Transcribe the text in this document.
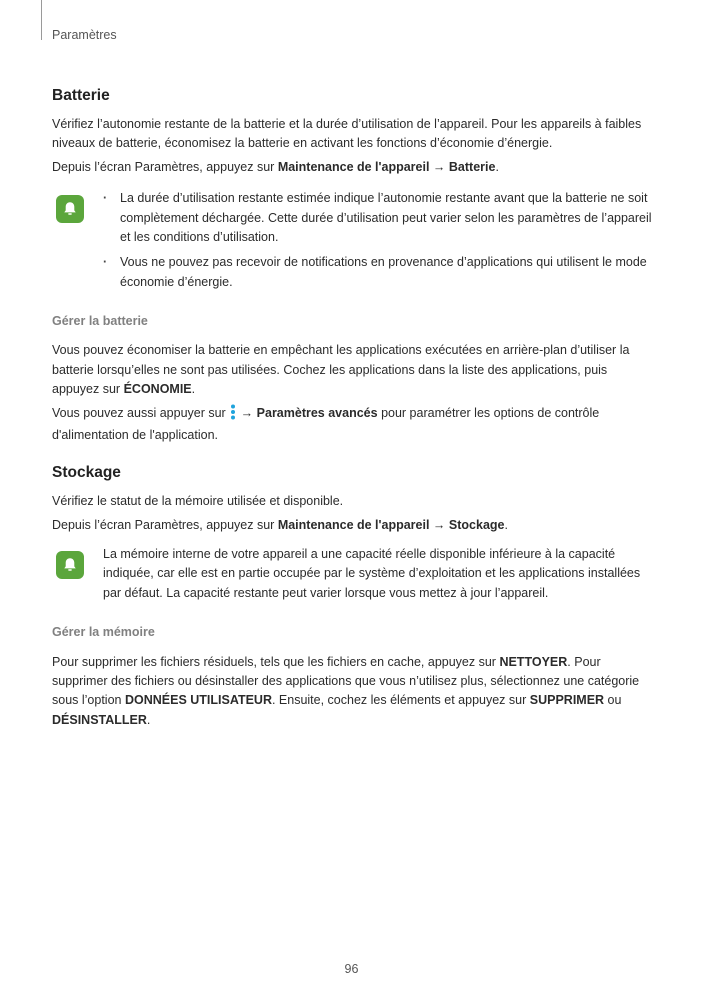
Paramètres
Batterie

Vérifiez l’autonomie restante de la batterie et la durée d’utilisation de l’appareil. Pour les appareils à faibles niveaux de batterie, économisez la batterie en activant les fonctions d’économie d’énergie.

Depuis l’écran Paramètres, appuyez sur Maintenance de l'appareil → Batterie.

· La durée d’utilisation restante estimée indique l’autonomie restante avant que la batterie ne soit complètement déchargée. Cette durée d’utilisation peut varier selon les paramètres de l’appareil et les conditions d’utilisation.
· Vous ne pouvez pas recevoir de notifications en provenance d’applications qui utilisent le mode économie d’énergie.
Gérer la batterie

Vous pouvez économiser la batterie en empêchant les applications exécutées en arrière-plan d’utiliser la batterie lorsqu’elles ne sont pas utilisées. Cochez les applications dans la liste des applications, puis appuyez sur ÉCONOMIE.

Vous pouvez aussi appuyer sur  → Paramètres avancés pour paramétrer les options de contrôle d'alimentation de l'application.

Stockage

Vérifiez le statut de la mémoire utilisée et disponible.

Depuis l’écran Paramètres, appuyez sur Maintenance de l'appareil → Stockage.

La mémoire interne de votre appareil a une capacité réelle disponible inférieure à la capacité indiquée, car elle est en partie occupée par le système d’exploitation et les applications installées par défaut. La capacité restante peut varier lorsque vous mettez à jour l’appareil.

Gérer la mémoire

Pour supprimer les fichiers résiduels, tels que les fichiers en cache, appuyez sur NETTOYER. Pour supprimer des fichiers ou désinstaller des applications que vous n’utilisez plus, sélectionnez une catégorie sous l’option DONNÉES UTILISATEUR. Ensuite, cochez les éléments et appuyez sur SUPPRIMER ou DÉSINSTALLER.

96
